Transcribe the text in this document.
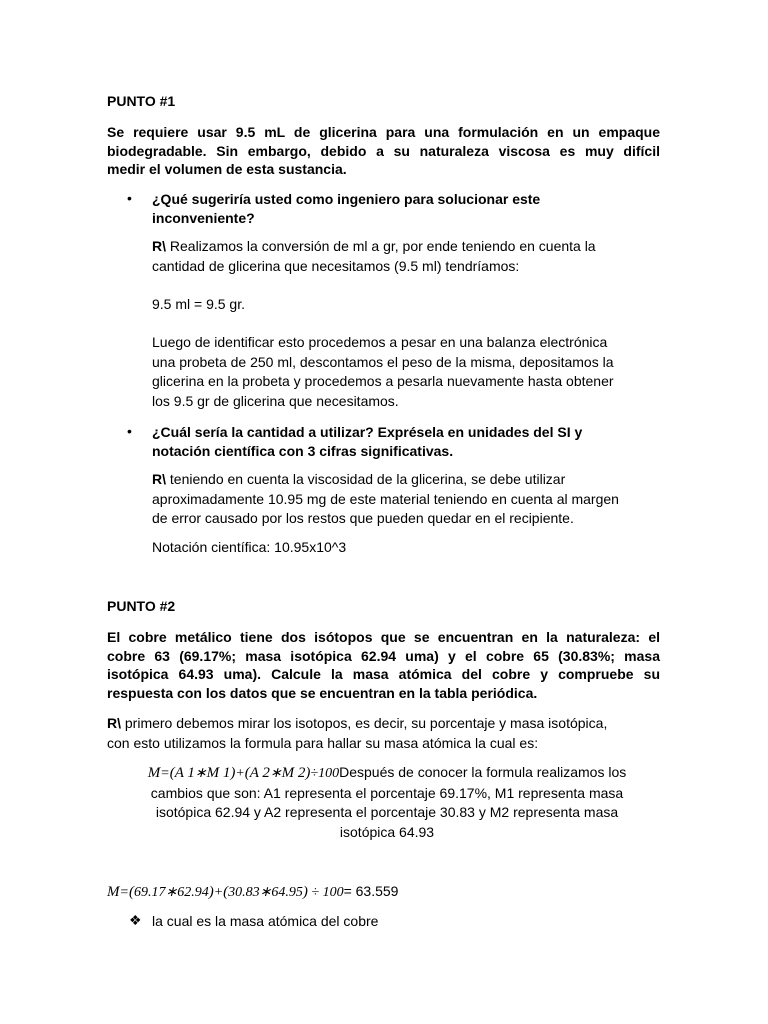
PUNTO #1
Se requiere usar 9.5 mL de glicerina para una formulación en un empaque
biodegradable. Sin embargo, debido a su naturaleza viscosa es muy difícil
medir el volumen de esta sustancia.
• ¿Qué sugeriría usted como ingeniero para solucionar este
inconveniente?
R\ Realizamos la conversión de ml a gr, por ende teniendo en cuenta la
cantidad de glicerina que necesitamos (9.5 ml) tendríamos:
9.5 ml = 9.5 gr.
Luego de identificar esto procedemos a pesar en una balanza electrónica
una probeta de 250 ml, descontamos el peso de la misma, depositamos la
glicerina en la probeta y procedemos a pesarla nuevamente hasta obtener
los 9.5 gr de glicerina que necesitamos.
• ¿Cuál sería la cantidad a utilizar? Exprésela en unidades del SI y
notación científica con 3 cifras significativas.
R\ teniendo en cuenta la viscosidad de la glicerina, se debe utilizar
aproximadamente 10.95 mg de este material teniendo en cuenta al margen
de error causado por los restos que pueden quedar en el recipiente.
Notación científica: 10.95x10^3
PUNTO #2
El cobre metálico tiene dos isótopos que se encuentran en la naturaleza: el
cobre 63 (69.17%; masa isotópica 62.94 uma) y el cobre 65 (30.83%; masa
isotópica 64.93 uma). Calcule la masa atómica del cobre y compruebe su
respuesta con los datos que se encuentran en la tabla periódica.
R\ primero debemos mirar los isotopos, es decir, su porcentaje y masa isotópica,
con esto utilizamos la formula para hallar su masa atómica la cual es:
M=(A 1∗M 1)+(A 2∗M 2)÷100Después de conocer la formula realizamos los
cambios que son: A1 representa el porcentaje 69.17%, M1 representa masa
isotópica 62.94 y A2 representa el porcentaje 30.83 y M2 representa masa
isotópica 64.93
M=(69.17∗62.94)+(30.83∗64.95) ÷ 100= 63.559
❖ la cual es la masa atómica del cobre
